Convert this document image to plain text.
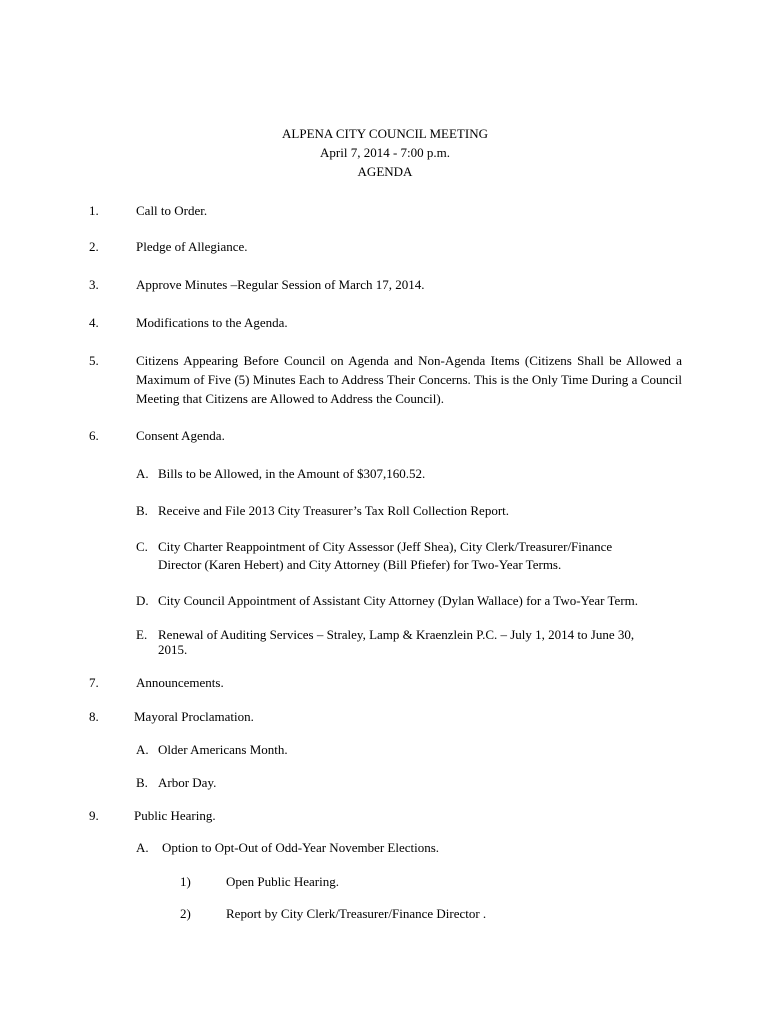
ALPENA CITY COUNCIL MEETING
April 7, 2014 - 7:00 p.m.
AGENDA
1.	Call to Order.
2.	Pledge of Allegiance.
3.	Approve Minutes –Regular Session of March 17, 2014.
4.	Modifications to the Agenda.
5.	Citizens Appearing Before Council on Agenda and Non-Agenda Items (Citizens Shall be Allowed a Maximum of Five (5) Minutes Each to Address Their Concerns. This is the Only Time During a Council Meeting that Citizens are Allowed to Address the Council).
6.	Consent Agenda.
A. Bills to be Allowed, in the Amount of $307,160.52.
B. Receive and File 2013 City Treasurer’s Tax Roll Collection Report.
C. City Charter Reappointment of City Assessor (Jeff Shea), City Clerk/Treasurer/Finance
Director (Karen Hebert) and City Attorney (Bill Pfiefer) for Two-Year Terms.
D. City Council Appointment of Assistant City Attorney (Dylan Wallace) for a Two-Year Term.
E. Renewal of Auditing Services – Straley, Lamp & Kraenzlein P.C. – July 1, 2014 to June 30,
2015.
7.	Announcements.
8.	Mayoral Proclamation.
A. Older Americans Month.
B. Arbor Day.
9.	Public Hearing.
A. Option to Opt-Out of Odd-Year November Elections.
1)	Open Public Hearing.
2)	Report by City Clerk/Treasurer/Finance Director .
